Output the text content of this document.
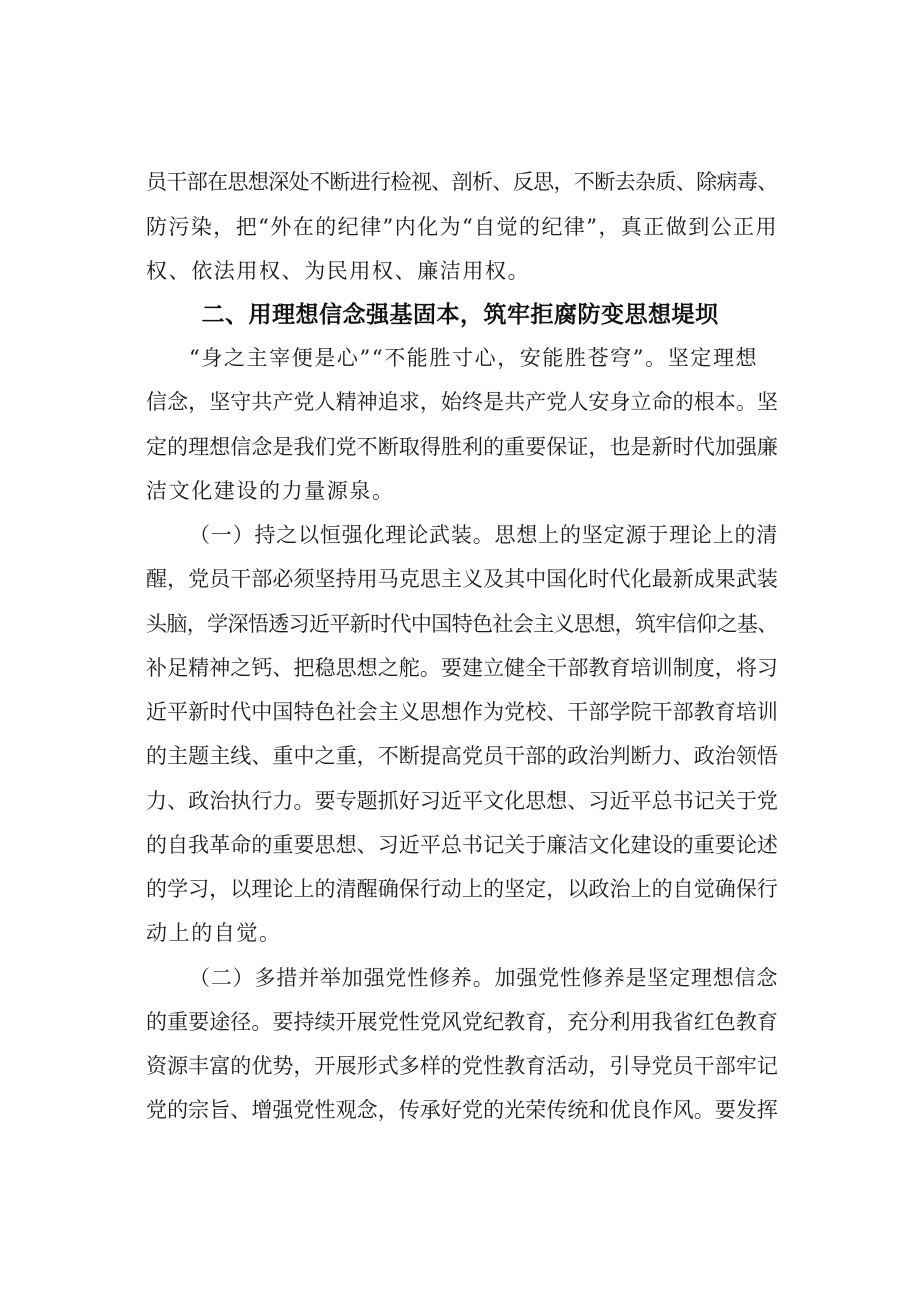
员干部在思想深处不断进行检视、剖析、反思，不断去杂质、除病毒、
防污染，把“外在的纪律”内化为“自觉的纪律”，真正做到公正用
权、依法用权、为民用权、廉洁用权。
二、用理想信念强基固本，筑牢拒腐防变思想堤坝
“身之主宰便是心”“不能胜寸心，安能胜苍穹”。坚定理想
信念，坚守共产党人精神追求，始终是共产党人安身立命的根本。坚
定的理想信念是我们党不断取得胜利的重要保证，也是新时代加强廉
洁文化建设的力量源泉。
（一）持之以恒强化理论武装。思想上的坚定源于理论上的清
醒，党员干部必须坚持用马克思主义及其中国化时代化最新成果武装
头脑，学深悟透习近平新时代中国特色社会主义思想，筑牢信仰之基、
补足精神之钙、把稳思想之舵。要建立健全干部教育培训制度，将习
近平新时代中国特色社会主义思想作为党校、干部学院干部教育培训
的主题主线、重中之重，不断提高党员干部的政治判断力、政治领悟
力、政治执行力。要专题抓好习近平文化思想、习近平总书记关于党
的自我革命的重要思想、习近平总书记关于廉洁文化建设的重要论述
的学习，以理论上的清醒确保行动上的坚定，以政治上的自觉确保行
动上的自觉。
（二）多措并举加强党性修养。加强党性修养是坚定理想信念
的重要途径。要持续开展党性党风党纪教育，充分利用我省红色教育
资源丰富的优势，开展形式多样的党性教育活动，引导党员干部牢记
党的宗旨、增强党性观念，传承好党的光荣传统和优良作风。要发挥
